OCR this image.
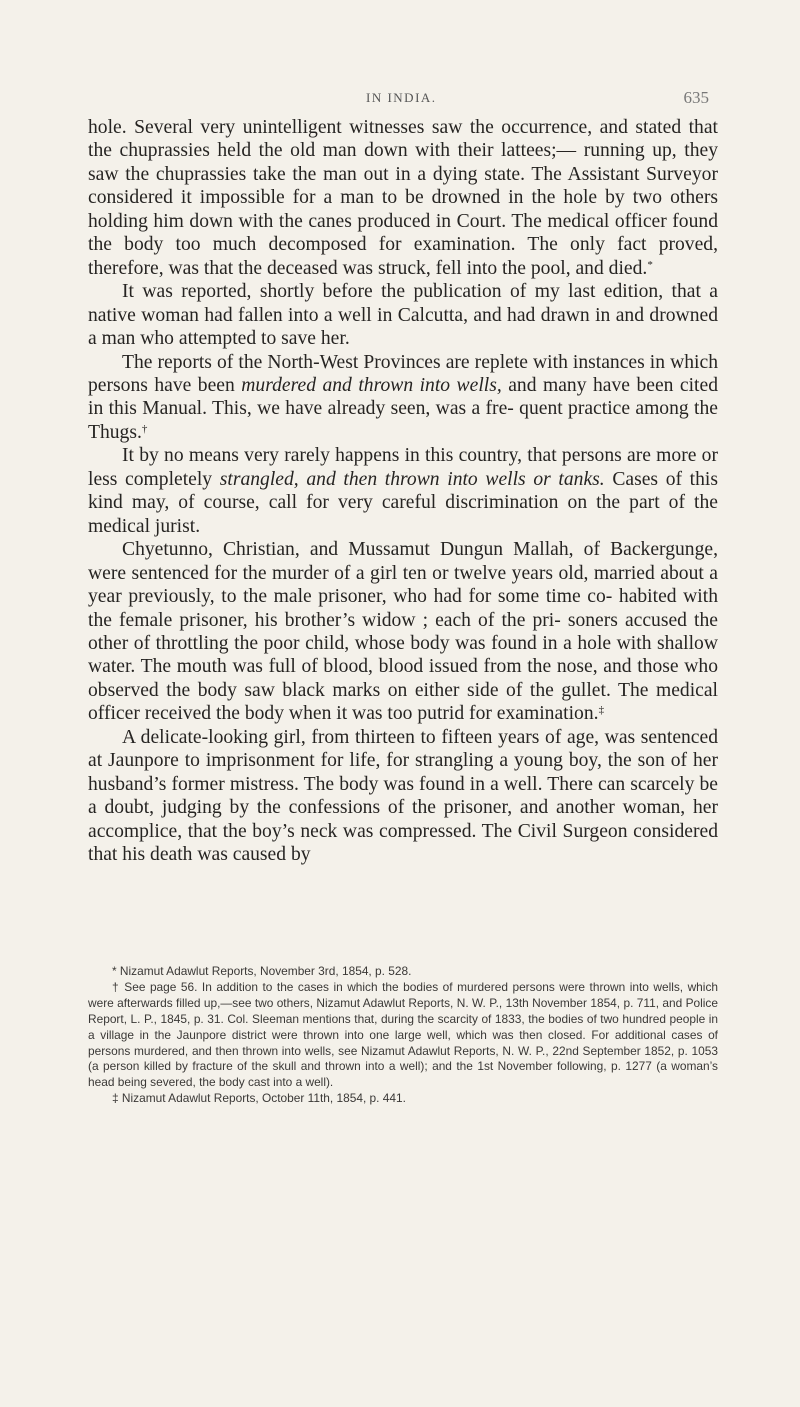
IN INDIA.	635

hole. Several very unintelligent witnesses saw the occurrence, and stated that the chuprassies held the old man down with their lattees;— running up, they saw the chuprassies take the man out in a dying state. The Assistant Surveyor considered it impossible for a man to be drowned in the hole by two others holding him down with the canes produced in Court. The medical officer found the body too much decomposed for examination. The only fact proved, therefore, was that the deceased was struck, fell into the pool, and died.*

It was reported, shortly before the publication of my last edition, that a native woman had fallen into a well in Calcutta, and had drawn in and drowned a man who attempted to save her.

The reports of the North-West Provinces are replete with instances in which persons have been murdered and thrown into wells, and many have been cited in this Manual. This, we have already seen, was a fre- quent practice among the Thugs.†

It by no means very rarely happens in this country, that persons are more or less completely strangled, and then thrown into wells or tanks. Cases of this kind may, of course, call for very careful discrimination on the part of the medical jurist.

Chyetunno, Christian, and Mussamut Dungun Mallah, of Backergunge, were sentenced for the murder of a girl ten or twelve years old, married about a year previously, to the male prisoner, who had for some time co- habited with the female prisoner, his brother’s widow ; each of the pri- soners accused the other of throttling the poor child, whose body was found in a hole with shallow water. The mouth was full of blood, blood issued from the nose, and those who observed the body saw black marks on either side of the gullet. The medical officer received the body when it was too putrid for examination.‡

A delicate-looking girl, from thirteen to fifteen years of age, was sentenced at Jaunpore to imprisonment for life, for strangling a young boy, the son of her husband’s former mistress. The body was found in a well. There can scarcely be a doubt, judging by the confessions of the prisoner, and another woman, her accomplice, that the boy’s neck was compressed. The Civil Surgeon considered that his death was caused by

* Nizamut Adawlut Reports, November 3rd, 1854, p. 528.

† See page 56. In addition to the cases in which the bodies of murdered persons were thrown into wells, which were afterwards filled up,—see two others, Nizamut Adawlut Reports, N. W. P., 13th November 1854, p. 711, and Police Report, L. P., 1845, p. 31. Col. Sleeman mentions that, during the scarcity of 1833, the bodies of two hundred people in a village in the Jaunpore district were thrown into one large well, which was then closed. For additional cases of persons murdered, and then thrown into wells, see Nizamut Adawlut Reports, N. W. P., 22nd September 1852, p. 1053 (a person killed by fracture of the skull and thrown into a well); and the 1st November following, p. 1277 (a woman’s head being severed, the body cast into a well).

‡ Nizamut Adawlut Reports, October 11th, 1854, p. 441.
